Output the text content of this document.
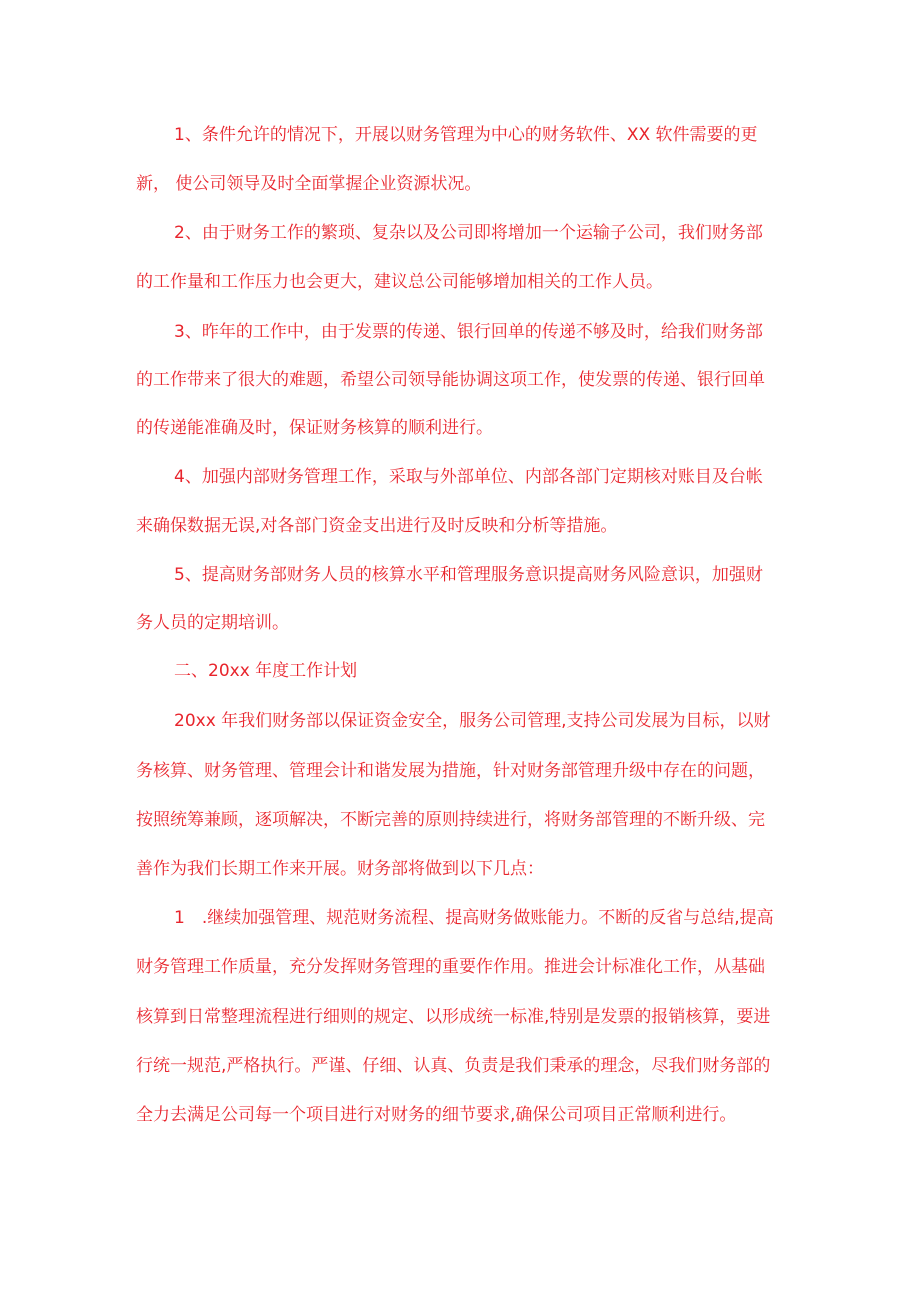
1、条件允许的情况下，开展以财务管理为中心的财务软件、XX 软件需要的更
新， 使公司领导及时全面掌握企业资源状况。
2、由于财务工作的繁琐、复杂以及公司即将增加一个运输子公司，我们财务部
的工作量和工作压力也会更大，建议总公司能够增加相关的工作人员。
3、昨年的工作中，由于发票的传递、银行回单的传递不够及时，给我们财务部
的工作带来了很大的难题，希望公司领导能协调这项工作，使发票的传递、银行回单
的传递能准确及时，保证财务核算的顺利进行。
4、加强内部财务管理工作，采取与外部单位、内部各部门定期核对账目及台帐
来确保数据无误,对各部门资金支出进行及时反映和分析等措施。
5、提高财务部财务人员的核算水平和管理服务意识提高财务风险意识，加强财
务人员的定期培训。
二、20xx 年度工作计划
20xx 年我们财务部以保证资金安全，服务公司管理,支持公司发展为目标，以财
务核算、财务管理、管理会计和谐发展为措施，针对财务部管理升级中存在的问题，
按照统筹兼顾，逐项解决，不断完善的原则持续进行，将财务部管理的不断升级、完
善作为我们长期工作来开展。财务部将做到以下几点：
1　.继续加强管理、规范财务流程、提高财务做账能力。不断的反省与总结,提高
财务管理工作质量，充分发挥财务管理的重要作作用。推进会计标准化工作，从基础
核算到日常整理流程进行细则的规定、以形成统一标准,特别是发票的报销核算，要进
行统一规范,严格执行。严谨、仔细、认真、负责是我们秉承的理念，尽我们财务部的
全力去满足公司每一个项目进行对财务的细节要求,确保公司项目正常顺利进行。
